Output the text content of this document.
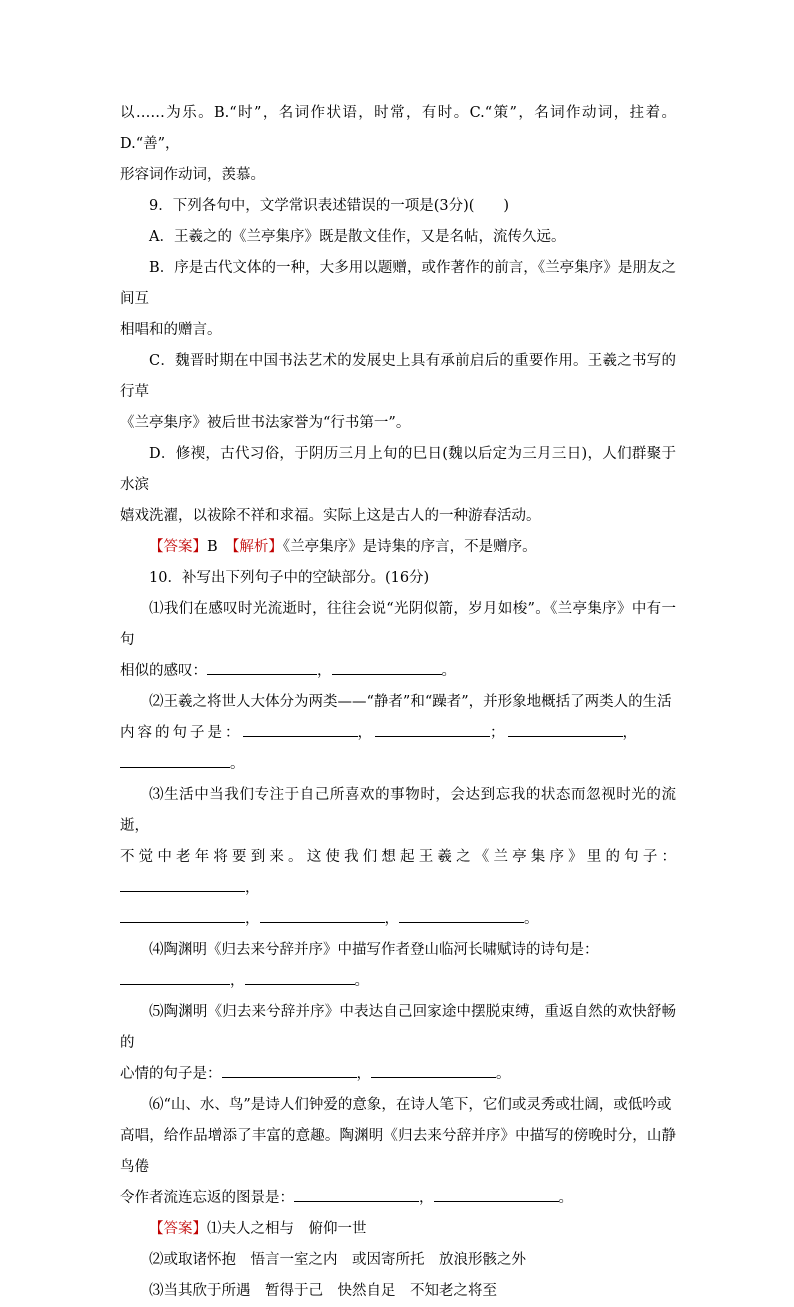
以……为乐。B.“时”，名词作状语，时常，有时。C.“策”，名词作动词，拄着。D.“善”，

形容词作动词，羡慕。

9．下列各句中，文学常识表述错误的一项是(3分)(　　)

A．王羲之的《兰亭集序》既是散文佳作，又是名帖，流传久远。

B．序是古代文体的一种，大多用以题赠，或作著作的前言，《兰亭集序》是朋友之间互

相唱和的赠言。

C．魏晋时期在中国书法艺术的发展史上具有承前启后的重要作用。王羲之书写的行草

《兰亭集序》被后世书法家誉为“行书第一”。

D．修禊，古代习俗，于阴历三月上旬的巳日(魏以后定为三月三日)，人们群聚于水滨

嬉戏洗濯，以祓除不祥和求福。实际上这是古人的一种游春活动。

【答案】B　【解析】《兰亭集序》是诗集的序言，不是赠序。

10．补写出下列句子中的空缺部分。(16分)

⑴我们在感叹时光流逝时，往往会说“光阴似箭，岁月如梭”。《兰亭集序》中有一句

相似的感叹：	，	。

⑵王羲之将世人大体分为两类——“静者”和“躁者”，并形象地概括了两类人的生活

内容的句子是：	，	；	，

。

⑶生活中当我们专注于自己所喜欢的事物时，会达到忘我的状态而忽视时光的流逝，

不觉中老年将要到来。这使我们想起王羲之《兰亭集序》里的句子：，

，	，	。

⑷陶渊明《归去来兮辞并序》中描写作者登山临河长啸赋诗的诗句是：

，	。

⑸陶渊明《归去来兮辞并序》中表达自己回家途中摆脱束缚，重返自然的欢快舒畅的

心情的句子是：	，	。

⑹“山、水、鸟”是诗人们钟爱的意象，在诗人笔下，它们或灵秀或壮阔，或低吟或

高唱，给作品增添了丰富的意趣。陶渊明《归去来兮辞并序》中描写的傍晚时分，山静鸟倦

令作者流连忘返的图景是：	，	。

【答案】⑴夫人之相与　俯仰一世

⑵或取诸怀抱　悟言一室之内　或因寄所托　放浪形骸之外

⑶当其欣于所遇　暂得于己　快然自足　不知老之将至
